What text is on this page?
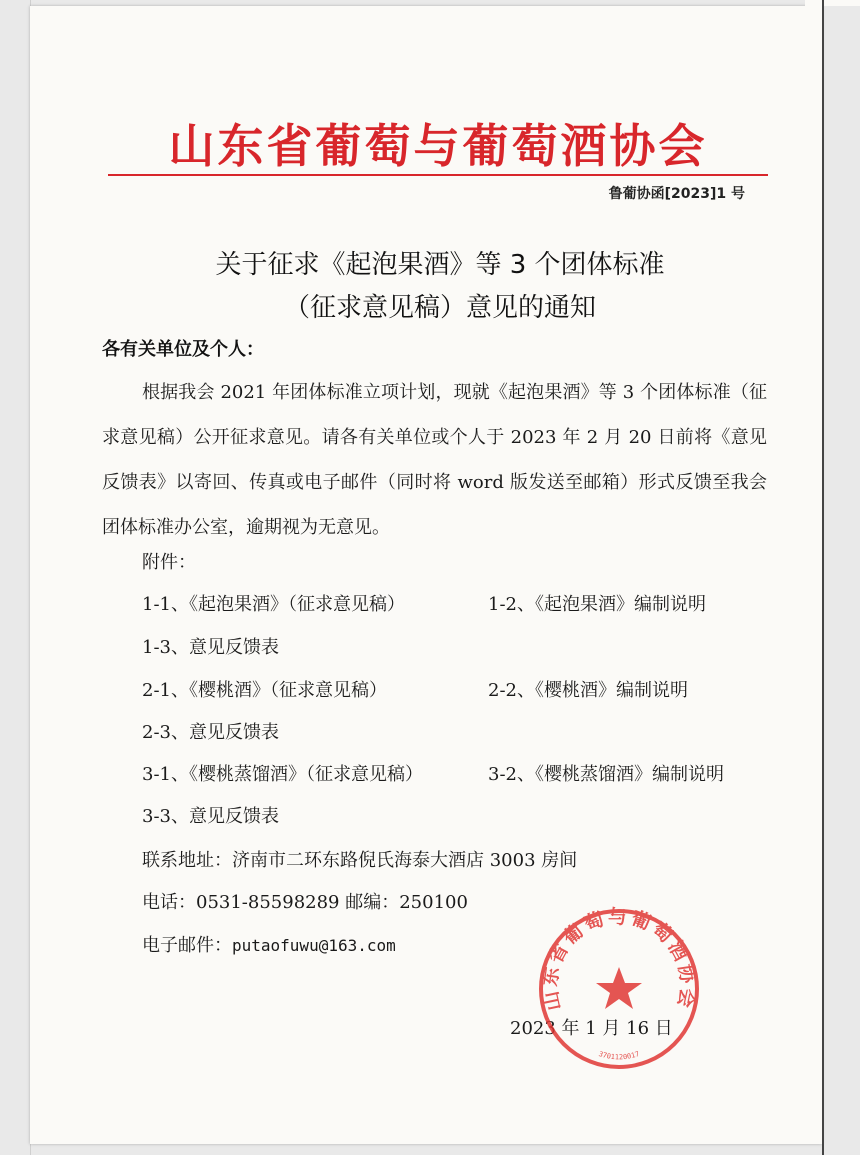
山东省葡萄与葡萄酒协会
鲁葡协函[2023]1 号
关于征求《起泡果酒》等 3 个团体标准
（征求意见稿）意见的通知
各有关单位及个人：

根据我会 2021 年团体标准立项计划，现就《起泡果酒》等 3 个团体标准（征求意见稿）公开征求意见。请各有关单位或个人于 2023 年 2 月 20 日前将《意见反馈表》以寄回、传真或电子邮件（同时将 word 版发送至邮箱）形式反馈至我会团体标准办公室，逾期视为无意见。

附件：
1-1、《起泡果酒》（征求意见稿）	1-2、《起泡果酒》编制说明
1-3、意见反馈表
2-1、《樱桃酒》（征求意见稿）	2-2、《樱桃酒》编制说明
2-3、意见反馈表
3-1、《樱桃蒸馏酒》（征求意见稿）	3-2、《樱桃蒸馏酒》编制说明
3-3、意见反馈表
联系地址：济南市二环东路倪氏海泰大酒店 3003 房间
电话：0531-85598289 邮编：250100
电子邮件：putaofuwu@163.com
2023 年 1 月 16 日
山东省葡萄与葡萄酒协会
3701120017
